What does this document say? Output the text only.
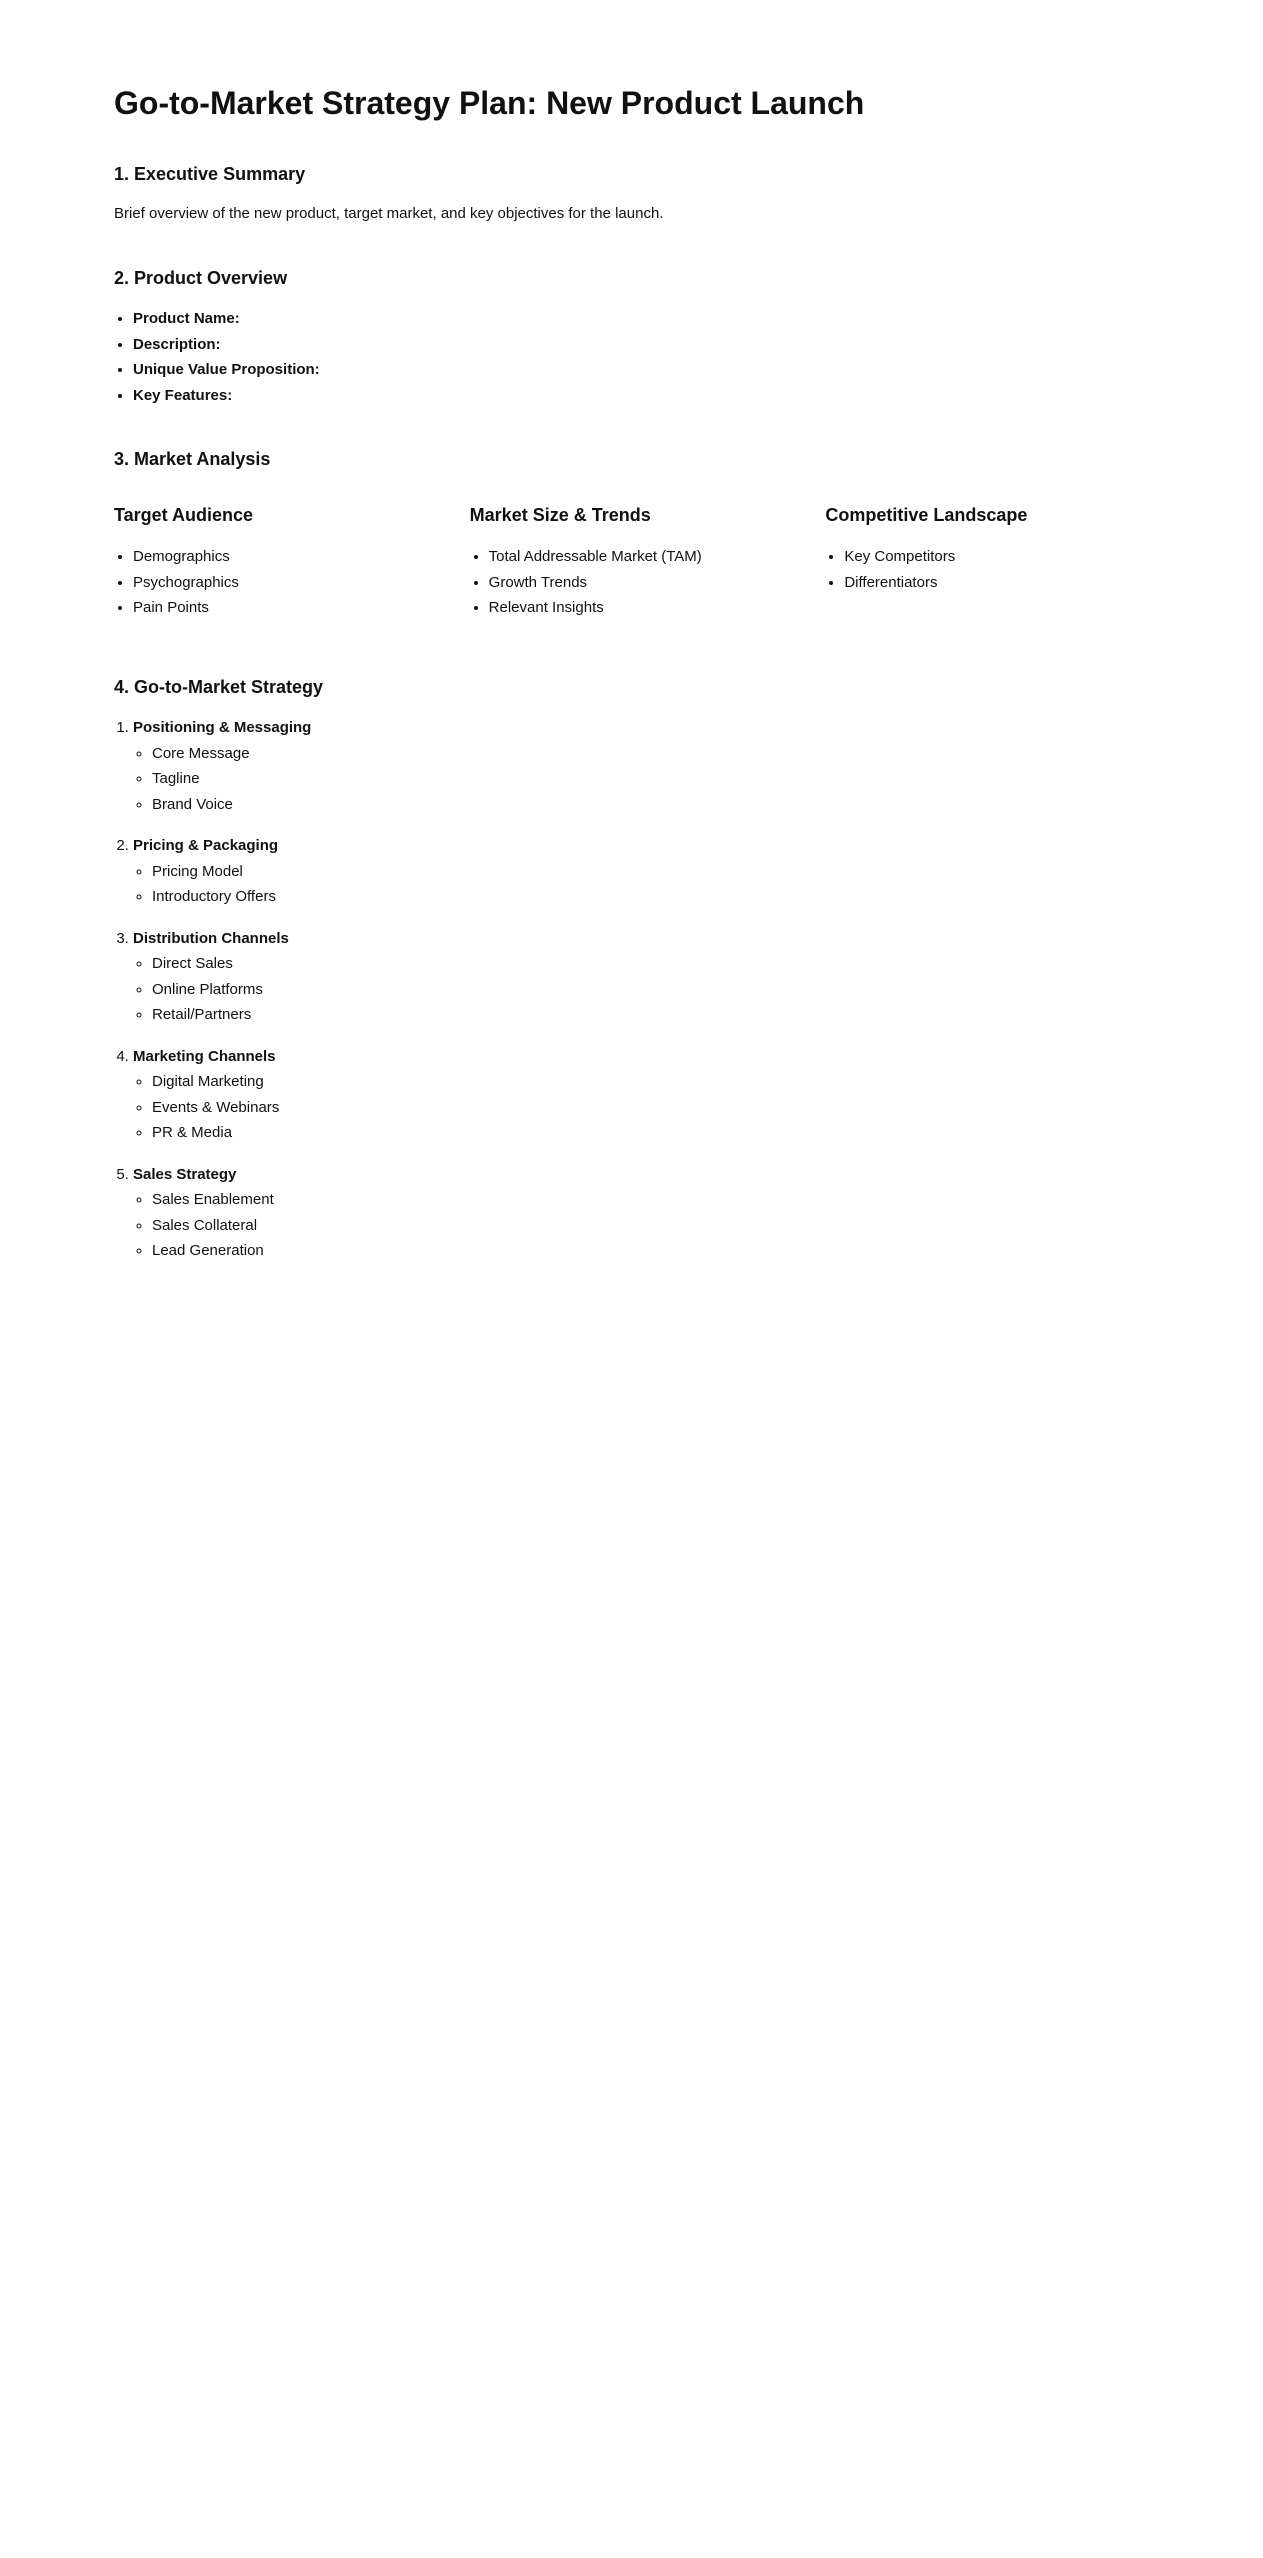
Go-to-Market Strategy Plan: New Product Launch
1. Executive Summary

Brief overview of the new product, target market, and key objectives for the launch.

2. Product Overview
• Product Name:
• Description:
• Unique Value Proposition:
• Key Features:
3. Market Analysis
Target Audience
• Demographics
• Psychographics
• Pain Points
Market Size & Trends
• Total Addressable Market (TAM)
• Growth Trends
• Relevant Insights
Competitive Landscape
• Key Competitors
• Differentiators
4. Go-to-Market Strategy
1. Positioning & Messaging
◦ Core Message
◦ Tagline
◦ Brand Voice
2. Pricing & Packaging
◦ Pricing Model
◦ Introductory Offers
3. Distribution Channels
◦ Direct Sales
◦ Online Platforms
◦ Retail/Partners
4. Marketing Channels
◦ Digital Marketing
◦ Events & Webinars
◦ PR & Media
5. Sales Strategy
◦ Sales Enablement
◦ Sales Collateral
◦ Lead Generation
